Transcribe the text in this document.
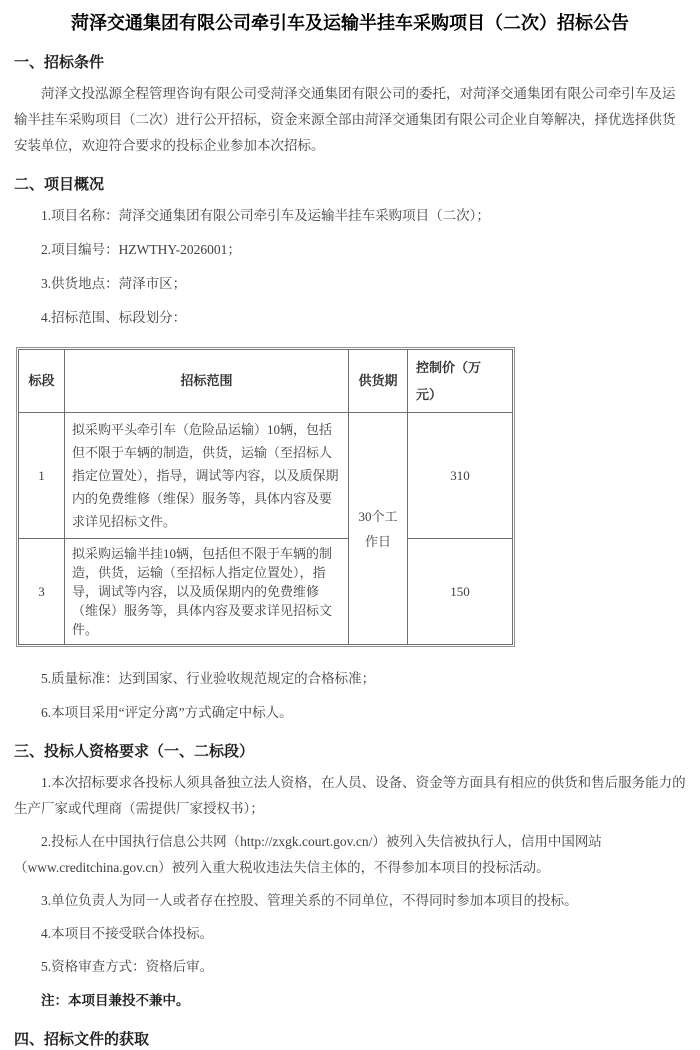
菏泽交通集团有限公司牵引车及运输半挂车采购项目（二次）招标公告
一、招标条件

菏泽文投泓源全程管理咨询有限公司受菏泽交通集团有限公司的委托，对菏泽交通集团有限公司牵引车及运输半挂车采购项目（二次）进行公开招标，资金来源全部由菏泽交通集团有限公司企业自筹解决，择优选择供货安装单位，欢迎符合要求的投标企业参加本次招标。

二、项目概况

1.项目名称：菏泽交通集团有限公司牵引车及运输半挂车采购项目（二次）；

2.项目编号：HZWTHY-2026001；

3.供货地点：菏泽市区；

4.招标范围、标段划分：

标段	招标范围	供货期	控制价（万元）
1	拟采购平头牵引车（危险品运输）10辆，包括但不限于车辆的制造，供货，运输（至招标人指定位置处），指导，调试等内容，以及质保期内的免费维修（维保）服务等，具体内容及要求详见招标文件。	30个工作日	310
3	拟采购运输半挂10辆，包括但不限于车辆的制造，供货，运输（至招标人指定位置处），指导，调试等内容，以及质保期内的免费维修（维保）服务等，具体内容及要求详见招标文件。		150

5.质量标准：达到国家、行业验收规范规定的合格标准；

6.本项目采用“评定分离”方式确定中标人。

三、投标人资格要求（一、二标段）

1.本次招标要求各投标人须具备独立法人资格，在人员、设备、资金等方面具有相应的供货和售后服务能力的生产厂家或代理商（需提供厂家授权书）；

2.投标人在中国执行信息公共网（http://zxgk.court.gov.cn/）被列入失信被执行人，信用中国网站（www.creditchina.gov.cn）被列入重大税收违法失信主体的，不得参加本项目的投标活动。

3.单位负责人为同一人或者存在控股、管理关系的不同单位，不得同时参加本项目的投标。

4.本项目不接受联合体投标。

5.资格审查方式：资格后审。

注：本项目兼投不兼中。

四、招标文件的获取
